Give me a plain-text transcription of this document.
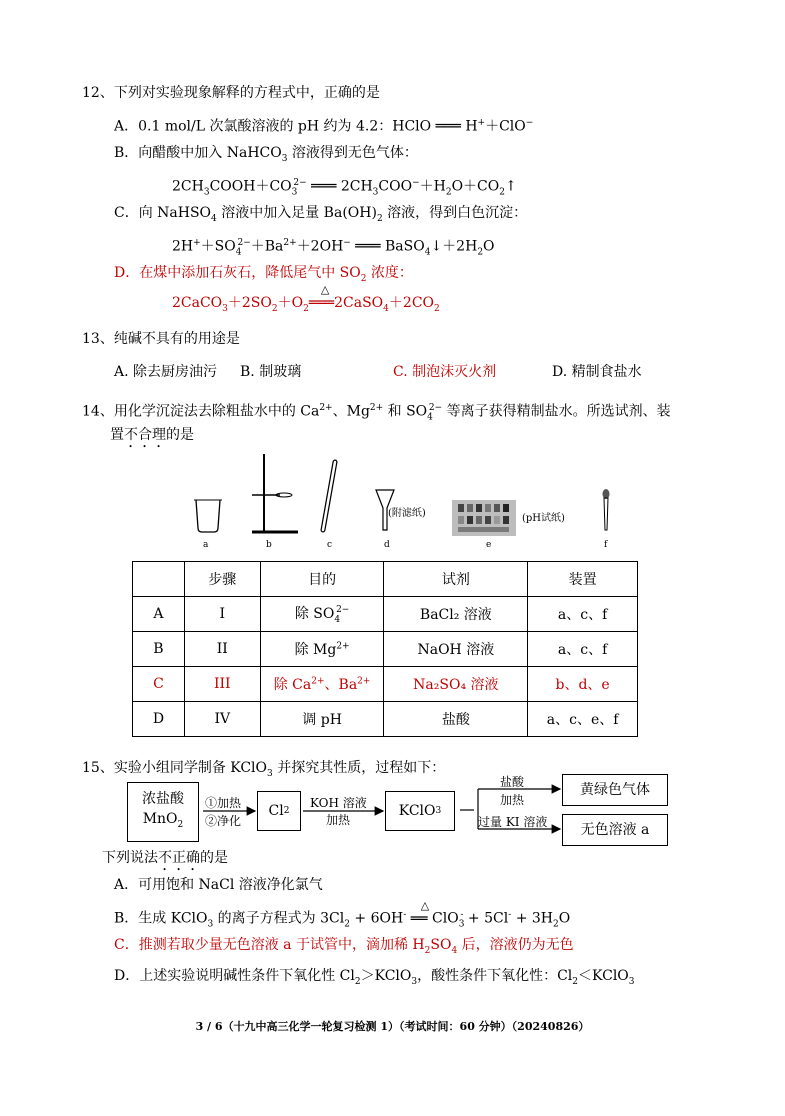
12、下列对实验现象解释的方程式中，正确的是
A．0.1 mol/L 次氯酸溶液的 pH 约为 4.2：HClO ═══ H+＋ClO−
B．向醋酸中加入 NaHCO$_3$ 溶液得到无色气体：
$2CH_3COOH+CO_3^{2-}$ ═══ $2CH_3COO^-+H_2O+CO_2↑$
C．向 NaHSO$_4$ 溶液中加入足量 $Ba(OH)_2$ 溶液，得到白色沉淀：
$2H^++SO_4^{2-}+Ba^{2+}+2OH^-$ ═══ $BaSO_4↓+2H_2O$
D．在煤中添加石灰石，降低尾气中 $SO_2$ 浓度：
$2CaCO_3+2SO_2+O_2$
△
$═══2CaSO_4+2CO_2$
13、纯碱不具有的用途是
A. 除去厨房油污 B. 制玻璃	C. 制泡沫灭火剂	D. 精制食盐水
14、用化学沉淀法去除粗盐水中的 $Ca^{2+}$、$Mg^{2+}$ 和 $SO_4^{2-}$ 等离子获得精制盐水。所选试剂、装
置不合理的是
(附滤纸)	(pH试纸)
a	b	c	d	e	f
	步骤	目的	试剂	装置
A	I	除 $SO_4^{2-}$	BaCl₂ 溶液	a、c、f
B	II	除 $Mg^{2+}$	NaOH 溶液	a、c、f
C	III	除 $Ca^{2+}$、$Ba^{2+}$	Na₂SO₄ 溶液	b、d、e
D	IV	调 pH	盐酸	a、c、e、f
15、实验小组同学制备 KClO$_3$ 并探究其性质，过程如下：
浓盐酸
MnO$_2$
①加热
②净化
Cl 2
KOH 溶液
加热
KClO 3
盐酸
加热
过量 KI 溶液
黄绿色气体
无色溶液 a
下列说法不正确的是
A．可用饱和 NaCl 溶液净化氯气
B．生成 KClO$_3$ 的离子方程式为 $3Cl_2 + 6OH^-$
△
══ $ClO_3^- + 5Cl^- + 3H_2O$
C．推测若取少量无色溶液 a 于试管中，滴加稀 $H_2SO_4$ 后，溶液仍为无色
D．上述实验说明碱性条件下氧化性 $Cl_2>KClO_3$，酸性条件下氧化性：$Cl_2<KClO_3$
3 / 6（十九中高三化学一轮复习检测 1）（考试时间：60 分钟）（20240826）
